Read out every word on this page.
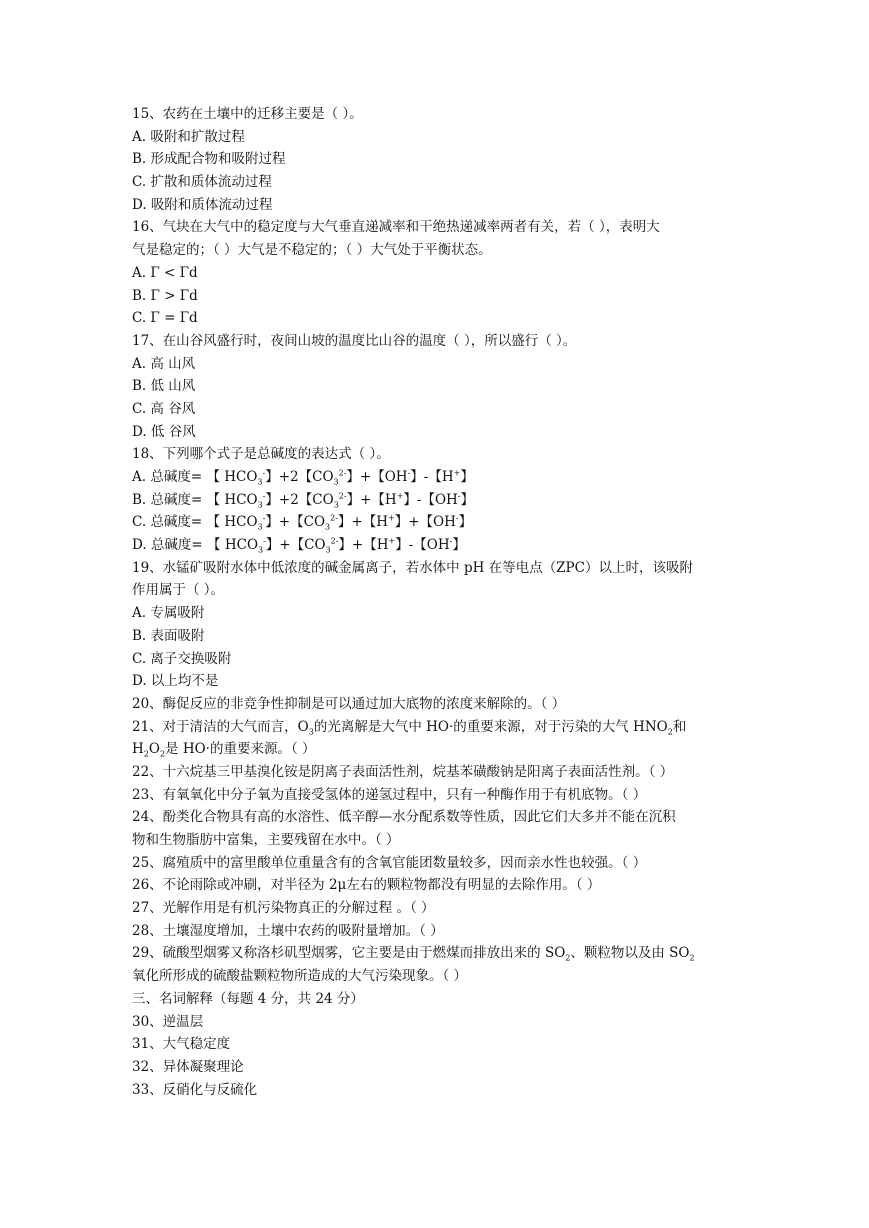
15、农药在土壤中的迁移主要是（ ）。
A. 吸附和扩散过程
B. 形成配合物和吸附过程
C. 扩散和质体流动过程
D. 吸附和质体流动过程
16、气块在大气中的稳定度与大气垂直递减率和干绝热递减率两者有关，若（ ），表明大
气是稳定的；（ ）大气是不稳定的；（ ）大气处于平衡状态。
A. Γ < Γd
B. Γ > Γd
C. Γ = Γd
17、在山谷风盛行时，夜间山坡的温度比山谷的温度（ ），所以盛行（ ）。
A. 高 山风
B. 低 山风
C. 高 谷风
D. 低 谷风
18、下列哪个式子是总碱度的表达式（ ）。
A. 总碱度= 【 $HCO_3^-$】+2【$CO_3^{2-}$】+【OH-】-【H+】
B. 总碱度= 【 $HCO_3^-$】+2【$CO_3^{2-}$】+【H+】-【OH-】
C. 总碱度= 【 $HCO_3^-$】+【$CO_3^{2-}$】+【H+】+【OH-】
D. 总碱度= 【 $HCO_3^-$】+【$CO_3^{2-}$】+【H+】-【OH-】
19、水锰矿吸附水体中低浓度的碱金属离子，若水体中 pH 在等电点（ZPC）以上时，该吸附
作用属于（ ）。
A. 专属吸附
B. 表面吸附
C. 离子交换吸附
D. 以上均不是
20、酶促反应的非竞争性抑制是可以通过加大底物的浓度来解除的。（ ）
21、对于清洁的大气而言，$O_3$的光离解是大气中 HO·的重要来源，对于污染的大气 $HNO_2$和
$H_2O_2$是 HO·的重要来源。（ ）
22、十六烷基三甲基溴化铵是阴离子表面活性剂，烷基苯磺酸钠是阳离子表面活性剂。（ ）
23、有氧氧化中分子氧为直接受氢体的递氢过程中，只有一种酶作用于有机底物。（ ）
24、酚类化合物具有高的水溶性、低辛醇—水分配系数等性质，因此它们大多并不能在沉积
物和生物脂肪中富集，主要残留在水中。（ ）
25、腐殖质中的富里酸单位重量含有的含氧官能团数量较多，因而亲水性也较强。（ ）
26、不论雨除或冲刷，对半径为 2μ左右的颗粒物都没有明显的去除作用。（ ）
27、光解作用是有机污染物真正的分解过程 。（ ）
28、土壤湿度增加，土壤中农药的吸附量增加。（ ）
29、硫酸型烟雾又称洛杉矶型烟雾，它主要是由于燃煤而排放出来的 $SO_2$、颗粒物以及由 $SO_2$
氧化所形成的硫酸盐颗粒物所造成的大气污染现象。（ ）
三、名词解释（每题 4 分，共 24 分）
30、逆温层
31、大气稳定度
32、异体凝聚理论
33、反硝化与反硫化
